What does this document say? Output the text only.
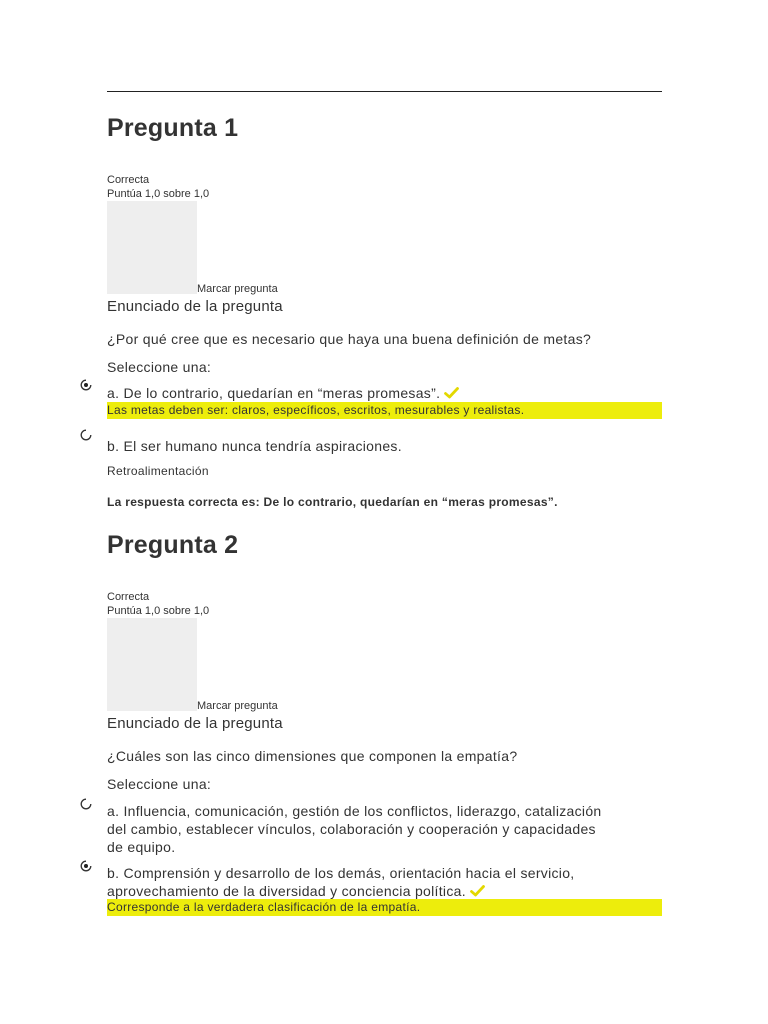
Pregunta 1
Correcta
Puntúa 1,0 sobre 1,0
Marcar pregunta
Enunciado de la pregunta
¿Por qué cree que es necesario que haya una buena definición de metas?
Seleccione una:
a. De lo contrario, quedarían en “meras promesas”.
Las metas deben ser: claros, específicos, escritos, mesurables y realistas.
b. El ser humano nunca tendría aspiraciones.
Retroalimentación
La respuesta correcta es: De lo contrario, quedarían en “meras promesas”.
Pregunta 2
Correcta
Puntúa 1,0 sobre 1,0
Marcar pregunta
Enunciado de la pregunta
¿Cuáles son las cinco dimensiones que componen la empatía?
Seleccione una:
a. Influencia, comunicación, gestión de los conflictos, liderazgo, catalización
del cambio, establecer vínculos, colaboración y cooperación y capacidades
de equipo.
b. Comprensión y desarrollo de los demás, orientación hacia el servicio,
aprovechamiento de la diversidad y conciencia política.
Corresponde a la verdadera clasificación de la empatía.
